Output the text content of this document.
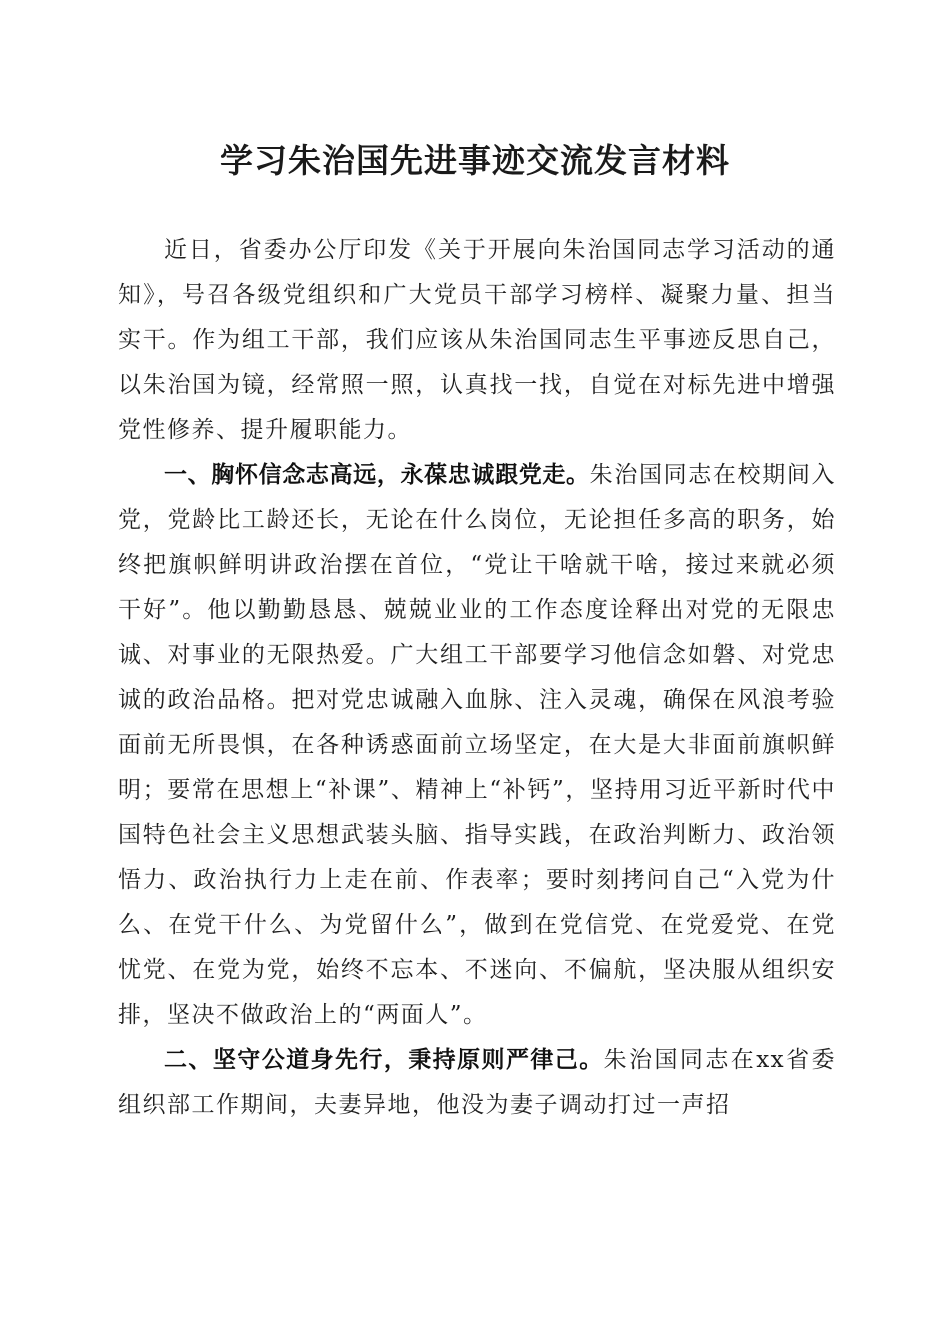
学习朱治国先进事迹交流发言材料

近日，省委办公厅印发《关于开展向朱治国同志学习活动的通知》，号召各级党组织和广大党员干部学习榜样、凝聚力量、担当实干。作为组工干部，我们应该从朱治国同志生平事迹反思自己，以朱治国为镜，经常照一照，认真找一找，自觉在对标先进中增强党性修养、提升履职能力。

一、胸怀信念志高远，永葆忠诚跟党走。朱治国同志在校期间入党，党龄比工龄还长，无论在什么岗位，无论担任多高的职务，始终把旗帜鲜明讲政治摆在首位，“党让干啥就干啥，接过来就必须干好”。他以勤勤恳恳、兢兢业业的工作态度诠释出对党的无限忠诚、对事业的无限热爱。广大组工干部要学习他信念如磐、对党忠诚的政治品格。把对党忠诚融入血脉、注入灵魂，确保在风浪考验面前无所畏惧，在各种诱惑面前立场坚定，在大是大非面前旗帜鲜明；要常在思想上“补课”、精神上“补钙”，坚持用习近平新时代中国特色社会主义思想武装头脑、指导实践，在政治判断力、政治领悟力、政治执行力上走在前、作表率；要时刻拷问自己“入党为什么、在党干什么、为党留什么”，做到在党信党、在党爱党、在党忧党、在党为党，始终不忘本、不迷向、不偏航，坚决服从组织安排，坚决不做政治上的“两面人”。

二、坚守公道身先行，秉持原则严律己。朱治国同志在xx省委组织部工作期间，夫妻异地，他没为妻子调动打过一声招
